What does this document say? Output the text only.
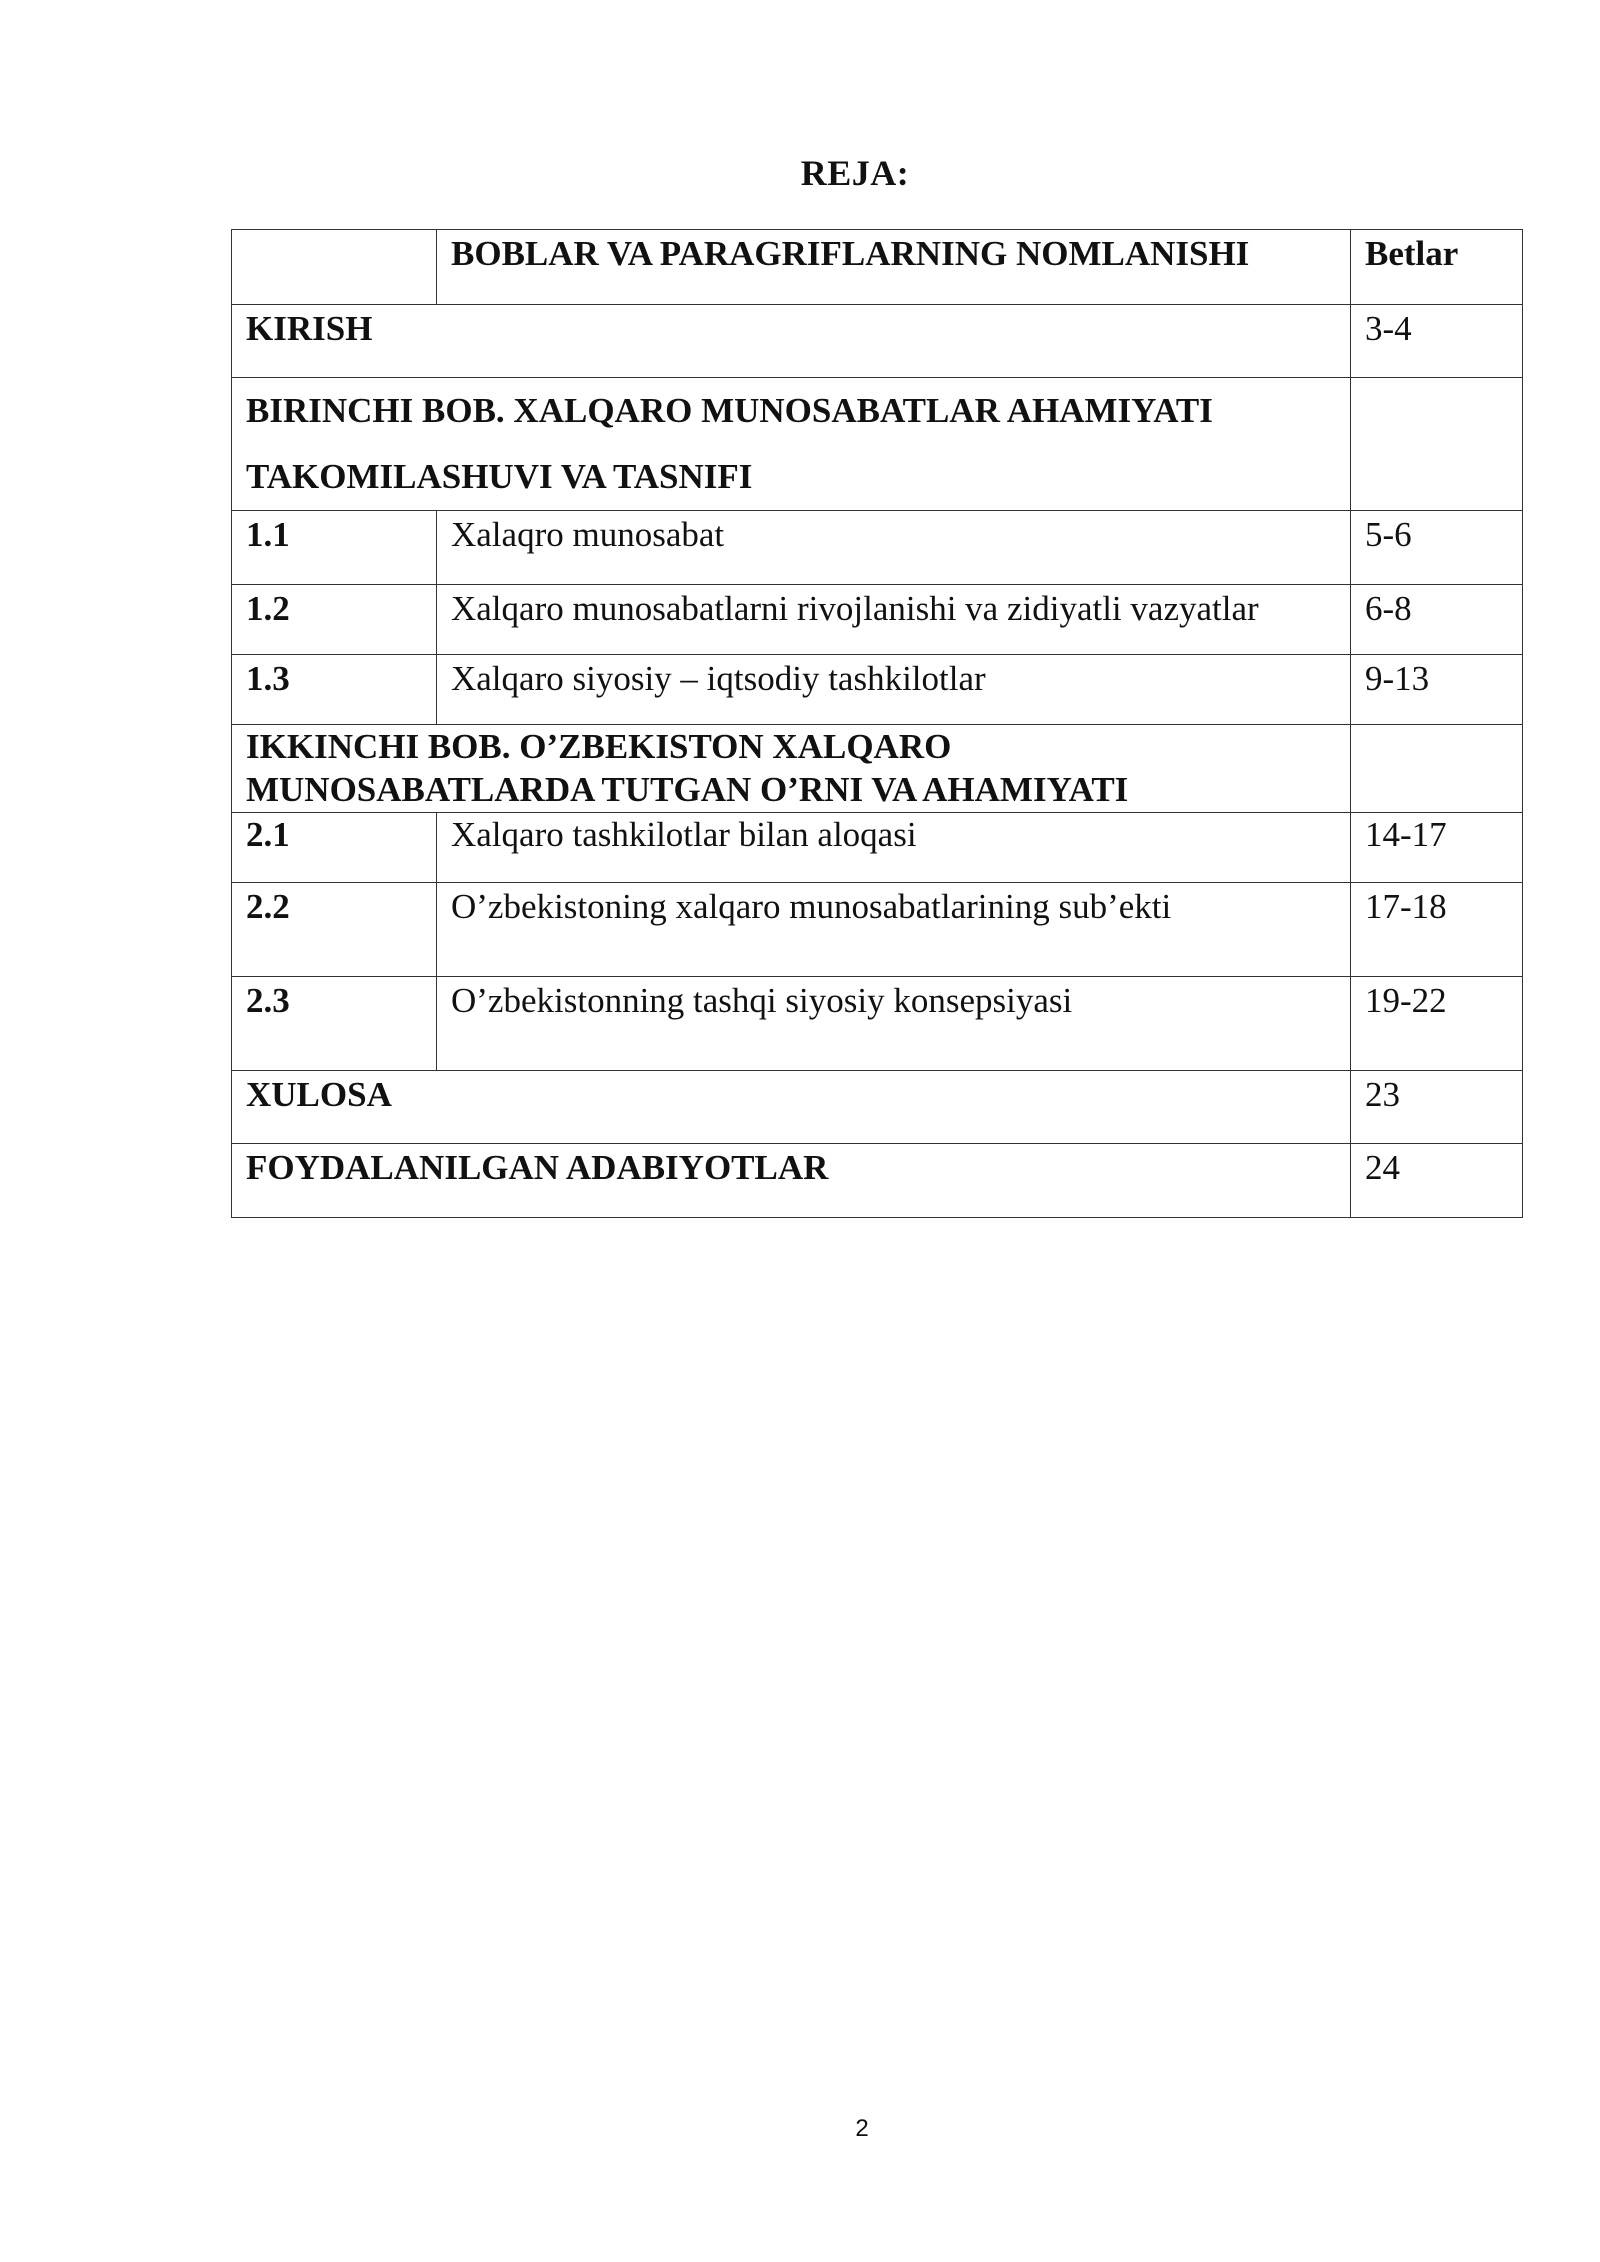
REJA:
	BOBLAR VA PARAGRIFLARNING NOMLANISHI	Betlar
KIRISH		3-4

BIRINCHI BOB. XALQARO MUNOSABATLAR AHAMIYATI
TAKOMILASHUVI VA TASNIFI		

1.1	Xalaqro munosabat	5-6
1.2	Xalqaro munosabatlarni rivojlanishi va zidiyatli vazyatlar	6-8
1.3	Xalqaro siyosiy – iqtsodiy tashkilotlar	9-13

IKKINCHI BOB. O’ZBEKISTON XALQARO
MUNOSABATLARDA TUTGAN O’RNI VA AHAMIYATI		

2.1	Xalqaro tashkilotlar bilan aloqasi	14-17
2.2	O’zbekistoning xalqaro munosabatlarining sub’ekti	17-18
2.3	O’zbekistonning tashqi siyosiy konsepsiyasi	19-22
XULOSA		23
FOYDALANILGAN ADABIYOTLAR		24
2
